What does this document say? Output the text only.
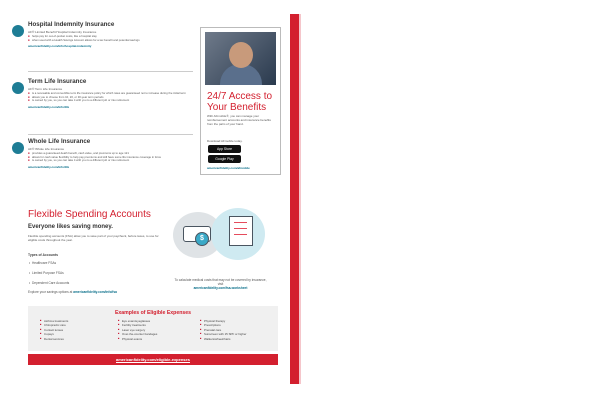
Hospital Indemnity Insurance
AF® Limited Benefit Hospital Indemnity Insurance
■ helps pay for out-of-pocket costs, like a hospital stay
■ when used with a Health Savings Account allows for a tax benefit and potential savings
americanfidelity.com/info/hospital-indemnity
Term Life Insurance
AF® Term Life Insurance
■ is a renewable and convertible term life insurance policy for which rates are guaranteed not to increase during the initial term
■ allows you to choose from 10, 20, or 30-year term periods
■ is owned by you, so you can take it with you to a different job or into retirement
americanfidelity.com/info/life
Whole Life Insurance
AF® Whole Life Insurance
■ provides a guaranteed death benefit, cash value, and premiums up to age 121
■ allows for cash value flexibility to help pay premiums and still have some life insurance coverage in force
■ is owned by you, so you can take it with you to a different job or into retirement
americanfidelity.com/info/life
24/7 Access to Your Benefits
With AFmobile®, you can manage your reimbursement accounts and insurance benefits from the palm of your hand.
Download AFmobile today.
App Store
Google Play
americanfidelity.com/afmobile
Flexible Spending Accounts
Everyone likes saving money.
Flexible spending accounts (FSA) allow you to save part of your paycheck, before taxes, to use for eligible costs throughout the year.
Types of Accounts
• Healthcare FSAs
• Limited Purpose FSAs
• Dependent Care Accounts
Explore your savings options at americanfidelity.com/info/fsa
$
To calculate medical costs that may not be covered by insurance, visit
americanfidelity.com/fsa-worksheet
Examples of Eligible Expenses
■ Asthma treatments
■ Chiropractic care
■ Contact lenses
■ Copays
■ Dental services
■ Eye exam/eyeglasses
■ Fertility treatments
■ Laser eye surgery
■ Over-the-counter bandages
■ Physical exams
■ Physical therapy
■ Prescriptions
■ Prenatal care
■ Sunscreen with 15 SPF or higher
■ Walkers/wheelchairs
americanfidelity.com/eligible-expenses
